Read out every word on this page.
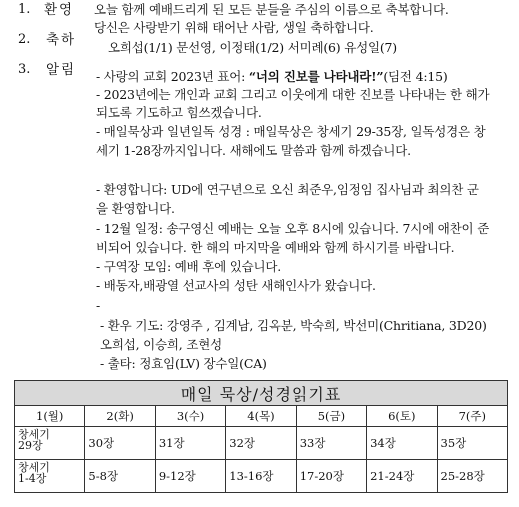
1. 환영
2. 축하
3. 알림
오늘 함께 예배드리게 된 모든 분들을 주심의 이름으로 축복합니다.
당신은 사랑받기 위해 태어난 사람, 생일 축하합니다.
오희섭(1/1) 문선영, 이정태(1/2) 서미례(6) 유성일(7)
- 사랑의 교회 2023년 표어: “너의 진보를 나타내라!”(딤전 4:15)
- 2023년에는 개인과 교회 그리고 이웃에게 대한 진보를 나타내는 한 해가
되도록 기도하고 힘쓰겠습니다.
- 매일묵상과 일년일독 성경 : 매일묵상은 창세기 29-35장, 일독성경은 창
세기 1-28장까지입니다. 새해에도 말씀과 함께 하겠습니다.
- 환영합니다: UD에 연구년으로 오신 최준우,임정임 집사님과 최의찬 군
을 환영합니다.
- 12월 일정: 송구영신 예배는 오늘 오후 8시에 있습니다. 7시에 애찬이 준
비되어 있습니다. 한 해의 마지막을 예배와 함께 하시기를 바랍니다.
- 구역장 모임: 예배 후에 있습니다.
- 배동자,배광열 선교사의 성탄 새해인사가 왔습니다.
-
- 환우 기도: 강영주 , 김계남, 김옥분, 박숙희, 박선미(Chritiana, 3D20)
오희섭, 이승희, 조현성
- 출타: 정효임(LV) 장수일(CA)
매일 묵상/성경읽기표						
1(월)	2(화)	3(수)	4(목)	5(금)	6(토)	7(주)
창세기
29장	30장	31장	32장	33장	34장	35장
창세기
1-4장	5-8장	9-12장	13-16장	17-20장	21-24장	25-28장
